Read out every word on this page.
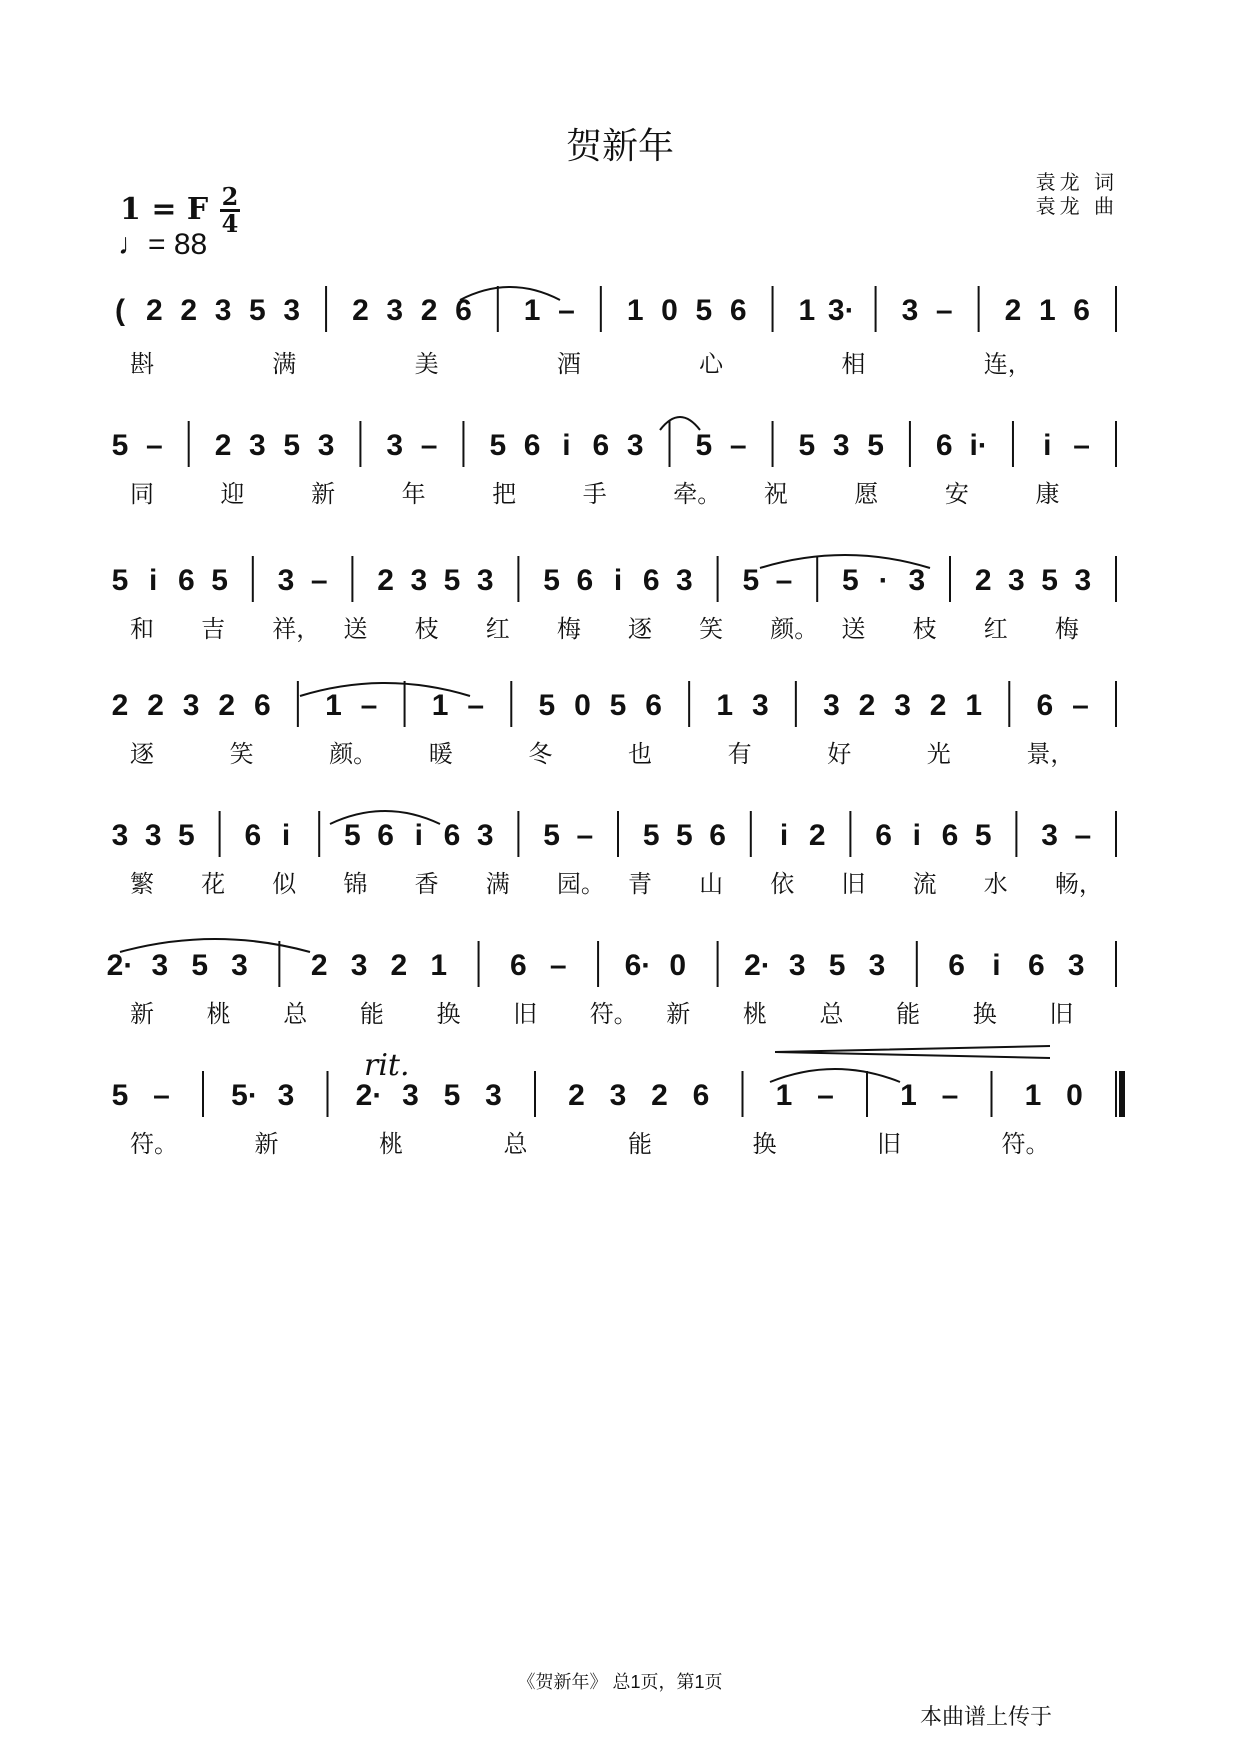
贺新年
袁龙 词
袁龙 曲
1 = F 2
4
♩= 88
rit.
( 2 2 3 5 3 2 3 2 6 1 – 1 0 5 6 1 3· 3 – 2 1 6
斟	满	美	酒	心	相	连，
5 – 2 3 5 3 3 – 5 6 i 6 3 5 – 5 3 5 6 i· i –
同	迎	新	年	把	手	牵。 祝	愿	安	康
5 i 6 5 3 – 2 3 5 3 5 6 i 6 3 5 – 5 · 3 2 3 5 3
和 吉 祥， 送 枝 红 梅 逐 笑 颜。 送 枝 红 梅
2 2 3 2 6 1 – 1 – 5 0 5 6 1 3 3 2 3 2 1 6 –
逐	笑	颜。 暖	冬	也	有	好	光	景，
3 3 5 6 i 5 6 i 6 3 5 – 5 5 6 i 2 6 i 6 5 3 –
繁 花 似 锦 香 满 园。 青 山 依 旧 流 水 畅，
2· 3 5 3 2 3 2 1 6 – 6· 0 2· 3 5 3 6 i 6 3
新 桃 总 能 换 旧 符。 新 桃 总 能 换 旧
5 – 5· 3 2· 3 5 3 2 3 2 6 1 – 1 – 1 0
符。	新	桃	总	能	换	旧	符。
《贺新年》 总1页，第1页
本曲谱上传于
